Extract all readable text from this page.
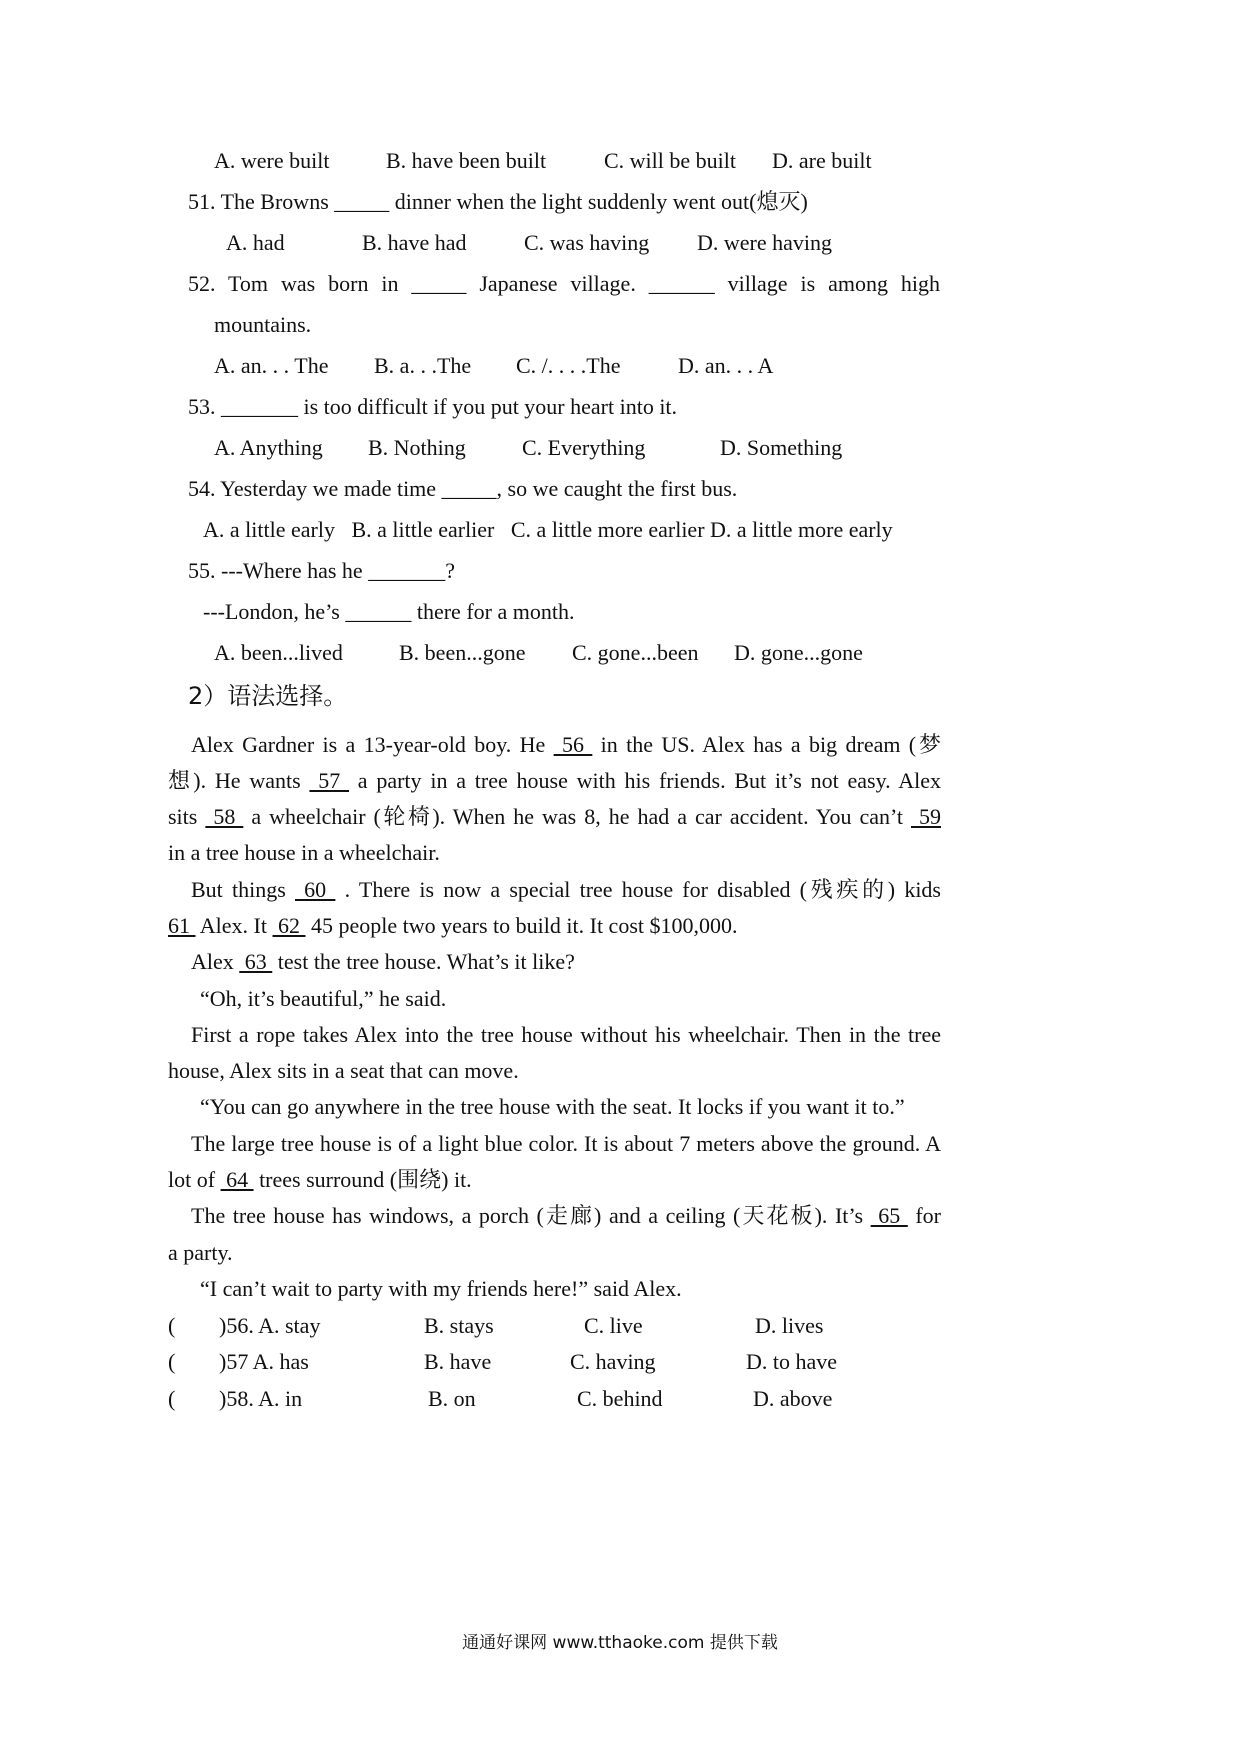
A. were built	B. have been built	C. will be built D. are built
51. The Browns _____ dinner when the light suddenly went out(熄灭)
A. had	B. have had	C. was having D. were having
52. Tom was born in _____ Japanese village. ______ village is among high
mountains.
A. an. . . The B. a. . .The C. /. . . .The	D. an. . . A
53. _______ is too difficult if you put your heart into it.
A. Anything B. Nothing	C. Everything	D. Something
54. Yesterday we made time _____, so we caught the first bus.
A. a little early   B. a little earlier   C. a little more earlier D. a little more early
55. ---Where has he _______?
---London, he’s ______ there for a month.
A. been...lived	B. been...gone C. gone...been D. gone...gone
2）语法选择。
Alex Gardner is a 13-year-old boy. He  56  in the US. Alex has a big dream (梦
想). He wants  57  a party in a tree house with his friends. But it’s not easy. Alex
sits  58  a wheelchair (轮椅). When he was 8, he had a car accident. You can’t  59
in a tree house in a wheelchair.
But things  60  . There is now a special tree house for disabled (残疾的) kids
61  Alex. It  62  45 people two years to build it. It cost $100,000.
Alex  63  test the tree house. What’s it like?
“Oh, it’s beautiful,” he said.
First a rope takes Alex into the tree house without his wheelchair. Then in the tree
house, Alex sits in a seat that can move.
“You can go anywhere in the tree house with the seat. It locks if you want it to.”
The large tree house is of a light blue color. It is about 7 meters above the ground. A
lot of  64  trees surround (围绕) it.
The tree house has windows, a porch (走廊) and a ceiling (天花板). It’s  65  for
a party.
“I can’t wait to party with my friends here!” said Alex.
( )56. A. stay	B. stays	C. live	D. lives
( )57 A. has	B. have	C. having	D. to have
( )58. A. in	B. on	C. behind	D. above
通通好课网 www.tthaoke.com 提供下载
